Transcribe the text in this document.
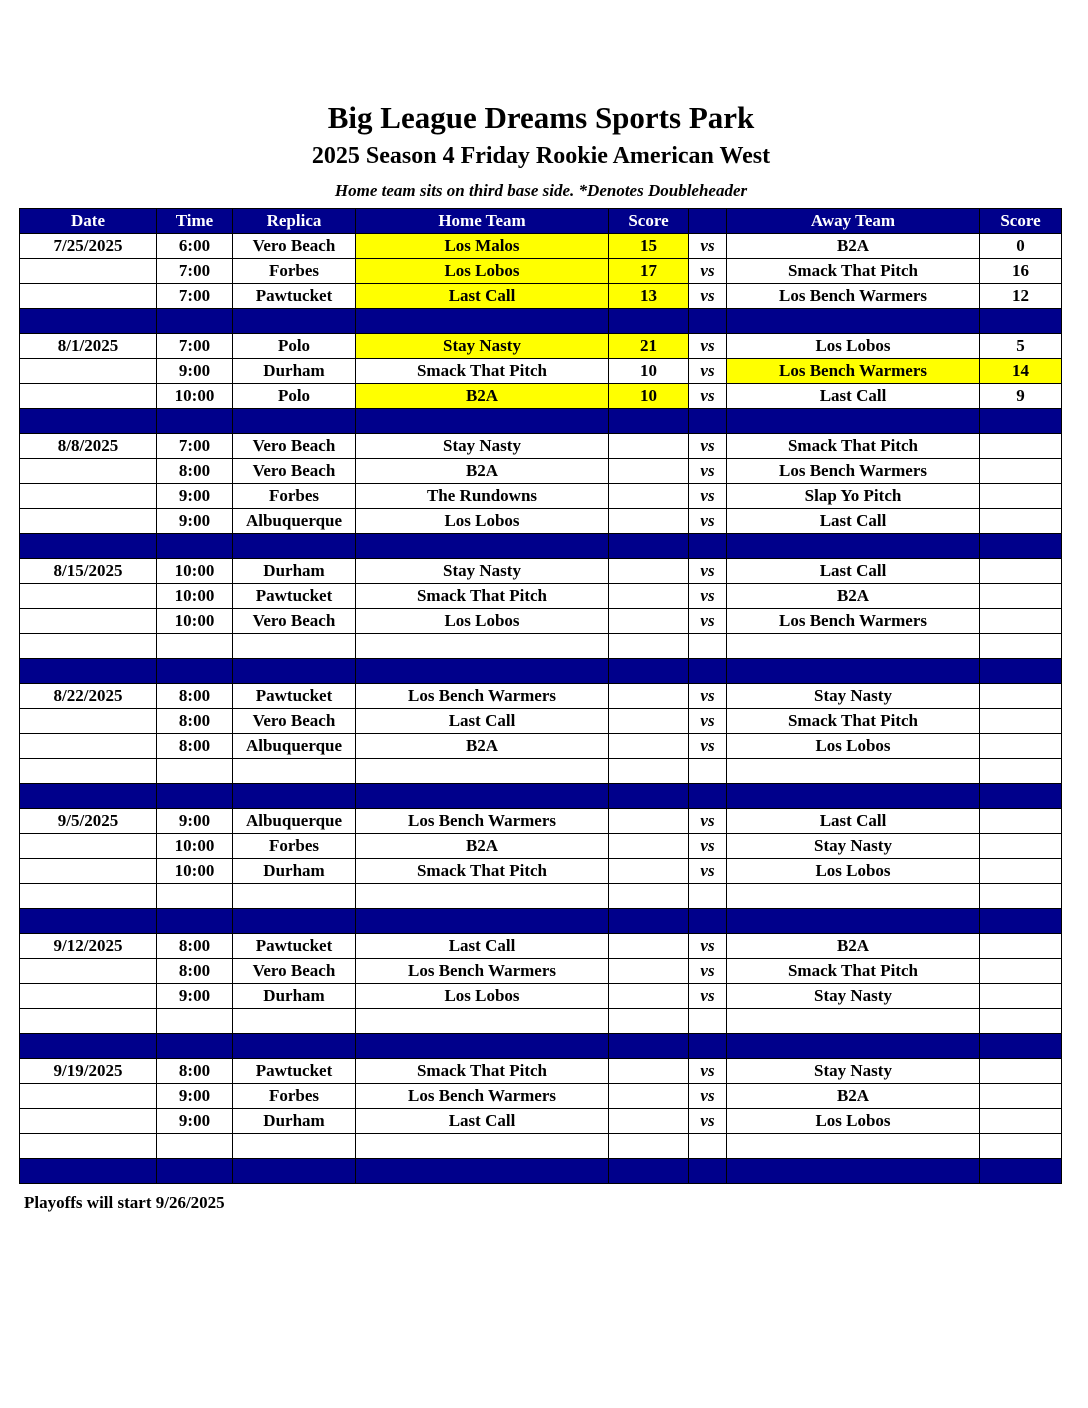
Big League Dreams Sports Park
2025 Season 4 Friday Rookie American West
Home team sits on third base side. *Denotes Doubleheader
Date	Time	Replica	Home Team	Score		Away Team	Score
7/25/2025	6:00	Vero Beach	Los Malos	15	vs	B2A	0
	7:00	Forbes	Los Lobos	17	vs	Smack That Pitch	16
	7:00	Pawtucket	Last Call	13	vs	Los Bench Warmers	12

8/1/2025	7:00	Polo	Stay Nasty	21	vs	Los Lobos	5
	9:00	Durham	Smack That Pitch	10	vs	Los Bench Warmers	14
	10:00	Polo	B2A	10	vs	Last Call	9

8/8/2025	7:00	Vero Beach	Stay Nasty		vs	Smack That Pitch	
	8:00	Vero Beach	B2A		vs	Los Bench Warmers	
	9:00	Forbes	The Rundowns		vs	Slap Yo Pitch	
	9:00	Albuquerque	Los Lobos		vs	Last Call	

8/15/2025	10:00	Durham	Stay Nasty		vs	Last Call	
	10:00	Pawtucket	Smack That Pitch		vs	B2A	
	10:00	Vero Beach	Los Lobos		vs	Los Bench Warmers	

8/22/2025	8:00	Pawtucket	Los Bench Warmers		vs	Stay Nasty	
	8:00	Vero Beach	Last Call		vs	Smack That Pitch	
	8:00	Albuquerque	B2A		vs	Los Lobos	

9/5/2025	9:00	Albuquerque	Los Bench Warmers		vs	Last Call	
	10:00	Forbes	B2A		vs	Stay Nasty	
	10:00	Durham	Smack That Pitch		vs	Los Lobos	

9/12/2025	8:00	Pawtucket	Last Call		vs	B2A	
	8:00	Vero Beach	Los Bench Warmers		vs	Smack That Pitch	
	9:00	Durham	Los Lobos		vs	Stay Nasty	

9/19/2025	8:00	Pawtucket	Smack That Pitch		vs	Stay Nasty	
	9:00	Forbes	Los Bench Warmers		vs	B2A	
	9:00	Durham	Last Call		vs	Los Lobos	

Playoffs will start 9/26/2025
